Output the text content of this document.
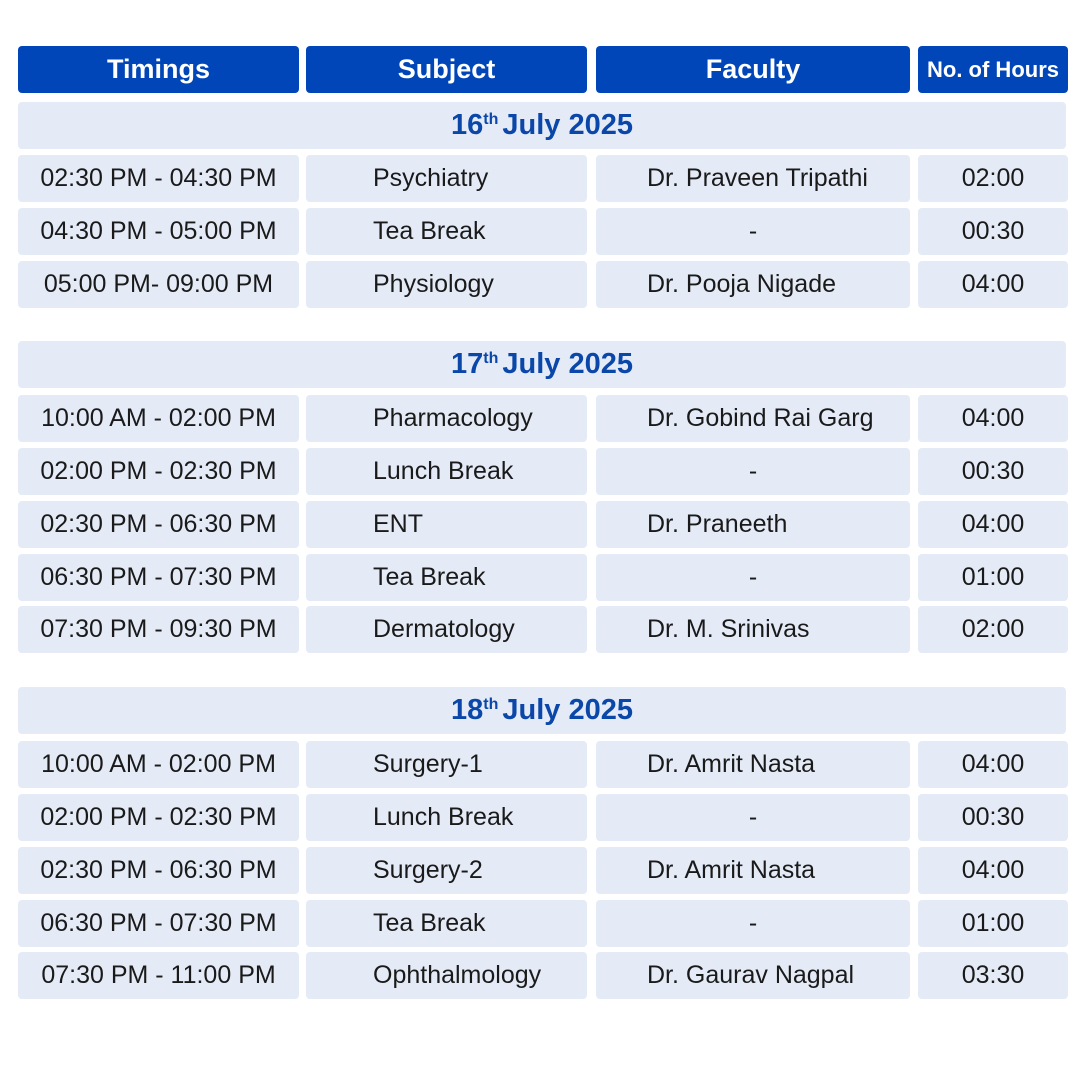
Timings	Subject	Faculty	No. of Hours
16th July 2025
02:30 PM - 04:30 PM	Psychiatry	Dr. Praveen Tripathi	02:00
04:30 PM - 05:00 PM	Tea Break	-	00:30
05:00 PM- 09:00 PM	Physiology	Dr. Pooja Nigade	04:00
17th July 2025
10:00 AM - 02:00 PM	Pharmacology	Dr. Gobind Rai Garg	04:00
02:00 PM - 02:30 PM	Lunch Break	-	00:30
02:30 PM - 06:30 PM	ENT	Dr. Praneeth	04:00
06:30 PM - 07:30 PM	Tea Break	-	01:00
07:30 PM - 09:30 PM	Dermatology	Dr. M. Srinivas	02:00
18th July 2025
10:00 AM - 02:00 PM	Surgery-1	Dr. Amrit Nasta	04:00
02:00 PM - 02:30 PM	Lunch Break	-	00:30
02:30 PM - 06:30 PM	Surgery-2	Dr. Amrit Nasta	04:00
06:30 PM - 07:30 PM	Tea Break	-	01:00
07:30 PM - 11:00 PM	Ophthalmology	Dr. Gaurav Nagpal	03:30
